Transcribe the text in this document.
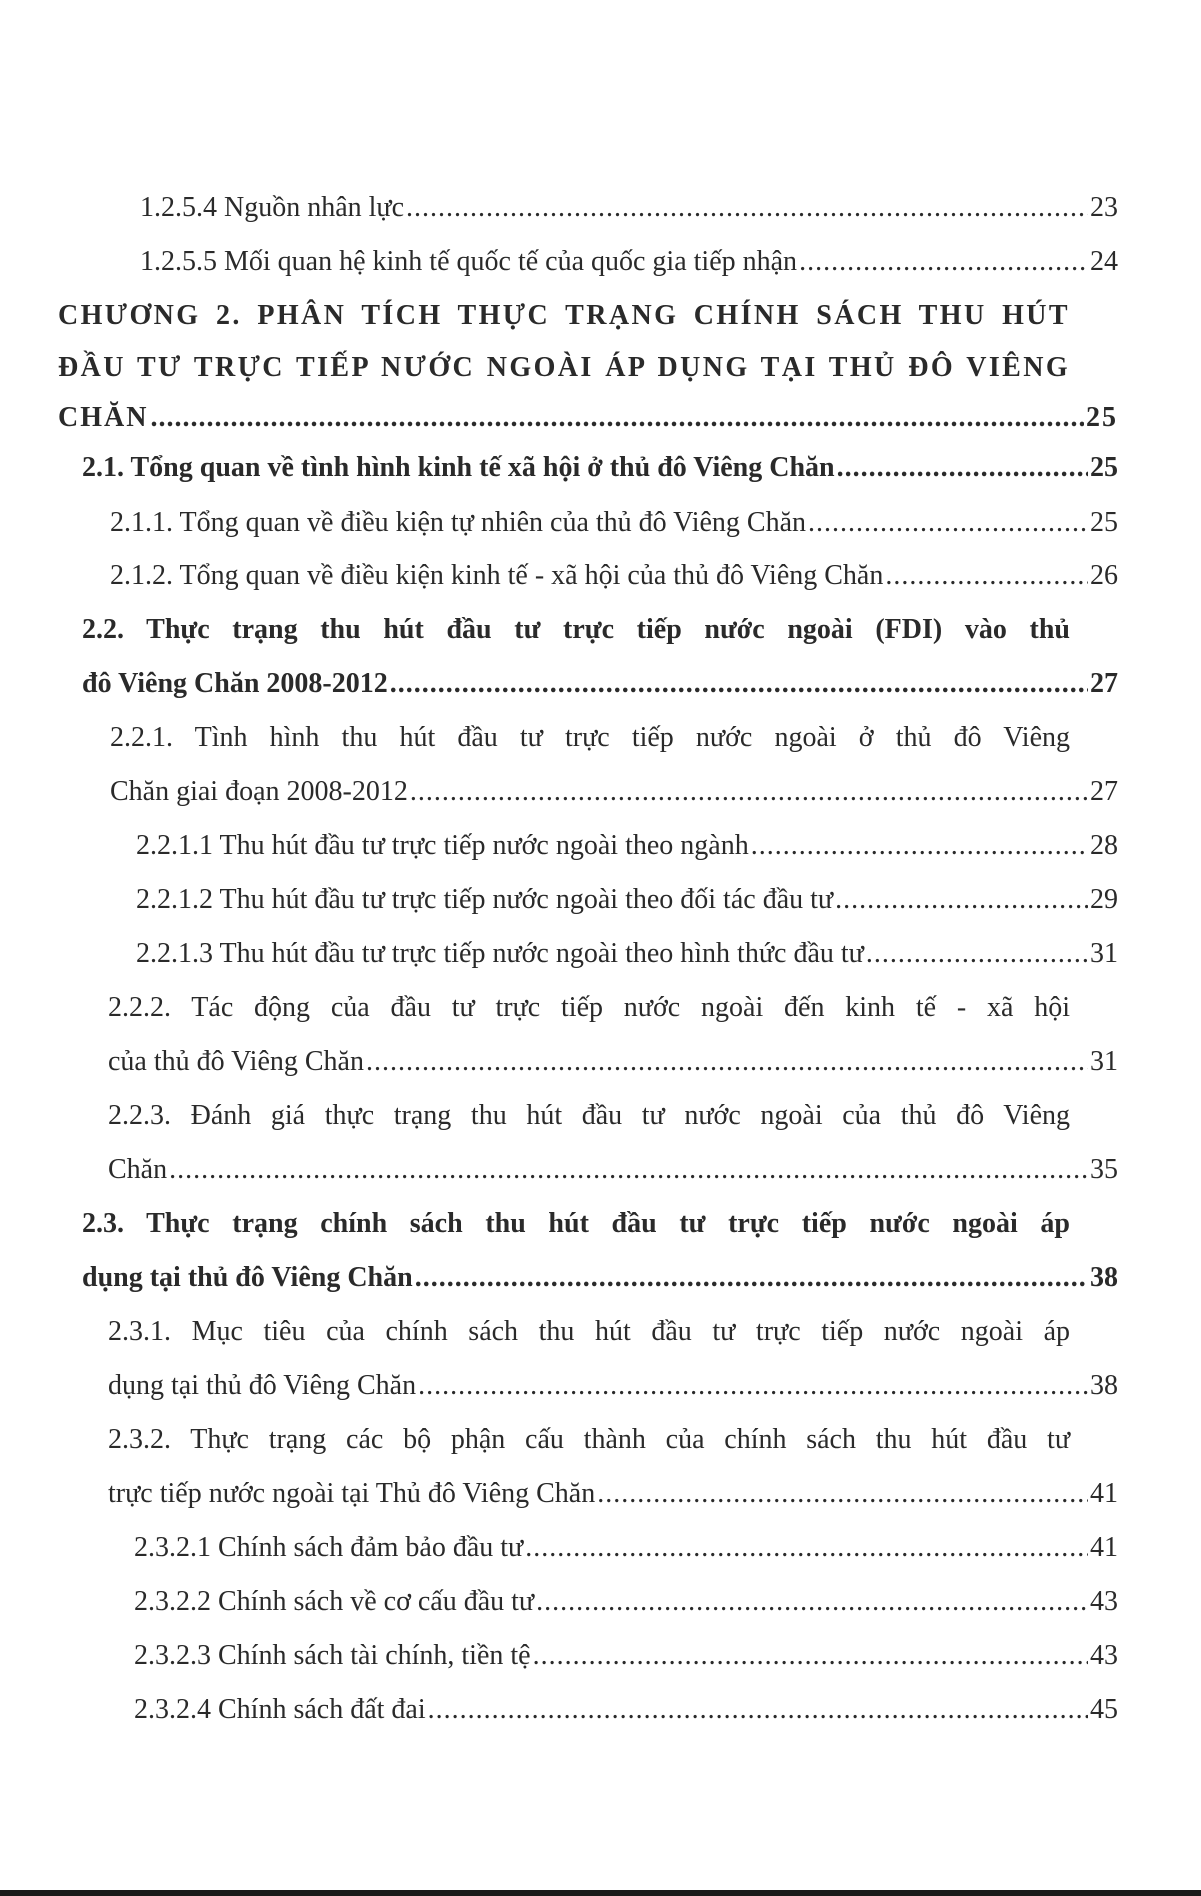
1.2.5.4 Nguồn nhân lực .....	23
1.2.5.5 Mối quan hệ kinh tế quốc tế của quốc gia tiếp nhận .....	24
CHƯƠNG 2. PHÂN TÍCH THỰC TRẠNG CHÍNH SÁCH THU HÚT
ĐẦU TƯ TRỰC TIẾP NƯỚC NGOÀI ÁP DỤNG TẠI THỦ ĐÔ VIÊNG
CHĂN .....	25
2.1. Tổng quan về tình hình kinh tế xã hội ở thủ đô Viêng Chăn .....	25
2.1.1. Tổng quan về điều kiện tự nhiên của thủ đô Viêng Chăn .....	25
2.1.2. Tổng quan về điều kiện kinh tế - xã hội của thủ đô Viêng Chăn .....	26
2.2. Thực trạng thu hút đầu tư trực tiếp nước ngoài (FDI) vào thủ
đô Viêng Chăn 2008-2012 .....	27
2.2.1. Tình hình thu hút đầu tư trực tiếp nước ngoài ở thủ đô Viêng
Chăn giai đoạn 2008-2012 .....	27
2.2.1.1 Thu hút đầu tư trực tiếp nước ngoài theo ngành .....	28
2.2.1.2 Thu hút đầu tư trực tiếp nước ngoài theo đối tác đầu tư .....	29
2.2.1.3 Thu hút đầu tư trực tiếp nước ngoài theo hình thức đầu tư .....	31
2.2.2. Tác động của đầu tư trực tiếp nước ngoài đến kinh tế - xã hội
của thủ đô Viêng Chăn .....	31
2.2.3. Đánh giá thực trạng thu hút đầu tư nước ngoài của thủ đô Viêng
Chăn .....	35
2.3. Thực trạng chính sách thu hút đầu tư trực tiếp nước ngoài áp
dụng tại thủ đô Viêng Chăn .....	38
2.3.1. Mục tiêu của chính sách thu hút đầu tư trực tiếp nước ngoài áp
dụng tại thủ đô Viêng Chăn .....	38
2.3.2. Thực trạng các bộ phận cấu thành của chính sách thu hút đầu tư
trực tiếp nước ngoài tại Thủ đô Viêng Chăn .....	41
2.3.2.1 Chính sách đảm bảo đầu tư .....	41
2.3.2.2 Chính sách về cơ cấu đầu tư .....	43
2.3.2.3 Chính sách tài chính, tiền tệ .....	43
2.3.2.4 Chính sách đất đai .....	45
